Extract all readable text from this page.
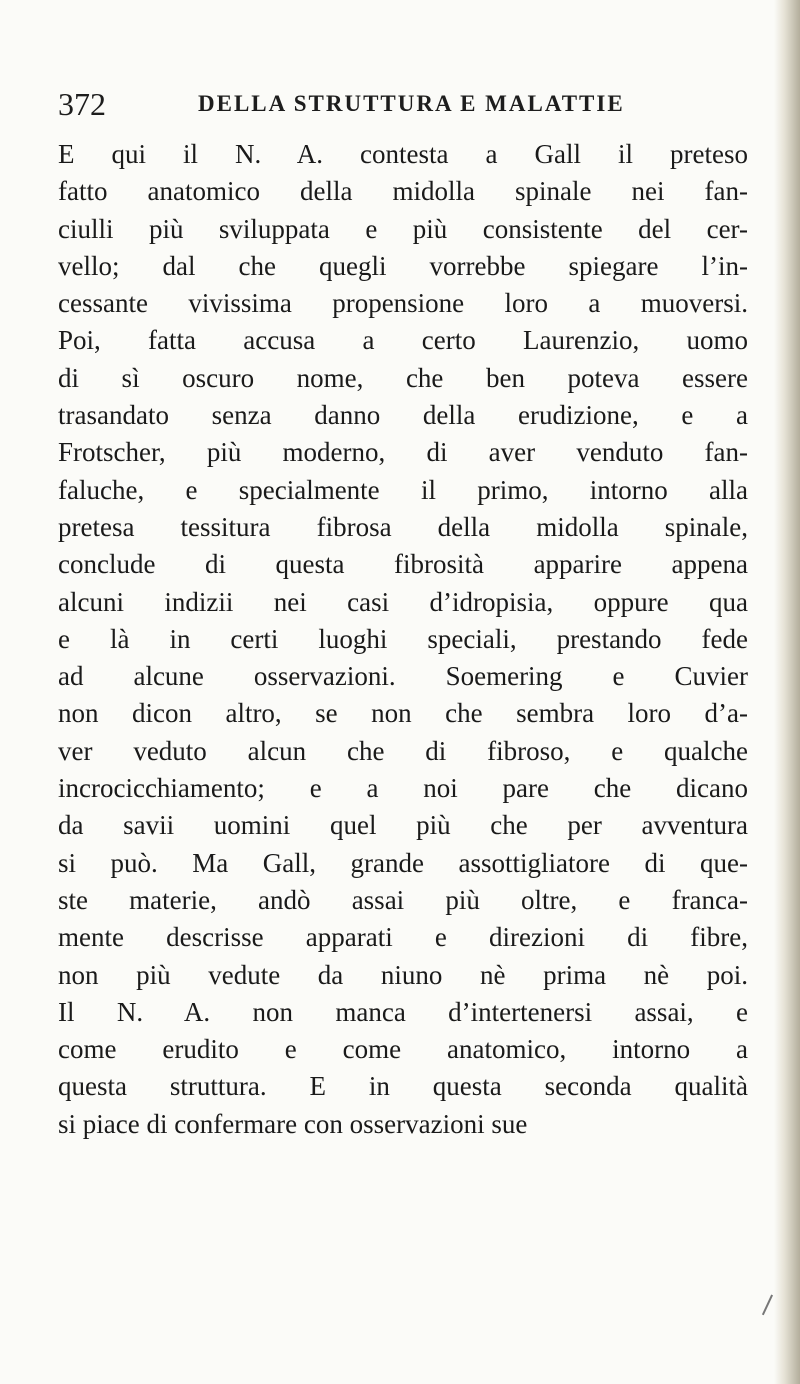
372	DELLA STRUTTURA E MALATTIE
E qui il N. A. contesta a Gall il preteso
fatto anatomico della midolla spinale nei fan-
ciulli più sviluppata e più consistente del cer-
vello; dal che quegli vorrebbe spiegare l’in-
cessante vivissima propensione loro a muoversi.
Poi, fatta accusa a certo Laurenzio, uomo
di sì oscuro nome, che ben poteva essere
trasandato senza danno della erudizione, e a
Frotscher, più moderno, di aver venduto fan-
faluche, e specialmente il primo, intorno alla
pretesa tessitura fibrosa della midolla spinale,
conclude di questa fibrosità apparire appena
alcuni indizii nei casi d’idropisia, oppure qua
e là in certi luoghi speciali, prestando fede
ad alcune osservazioni. Soemering e Cuvier
non dicon altro, se non che sembra loro d’a-
ver veduto alcun che di fibroso, e qualche
incrocicchiamento; e a noi pare che dicano
da savii uomini quel più che per avventura
si può. Ma Gall, grande assottigliatore di que-
ste materie, andò assai più oltre, e franca-
mente descrisse apparati e direzioni di fibre,
non più vedute da niuno nè prima nè poi.
Il N. A. non manca d’intertenersi assai, e
come erudito e come anatomico, intorno a
questa struttura. E in questa seconda qualità
si piace di confermare con osservazioni sue
